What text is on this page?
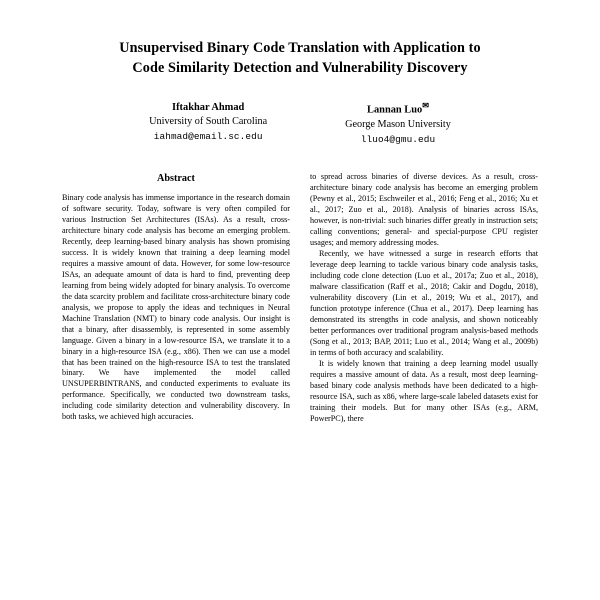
Unsupervised Binary Code Translation with Application to
Code Similarity Detection and Vulnerability Discovery
Iftakhar Ahmad
University of South Carolina
iahmad@email.sc.edu
Lannan Luo✉
George Mason University
lluo4@gmu.edu
Abstract

Binary code analysis has immense importance in the research domain of software security. Today, software is very often compiled for various Instruction Set Architectures (ISAs). As a result, cross-architecture binary code analysis has become an emerging problem. Recently, deep learning-based binary analysis has shown promising success. It is widely known that training a deep learning model requires a massive amount of data. However, for some low-resource ISAs, an adequate amount of data is hard to find, preventing deep learning from being widely adopted for binary analysis. To overcome the data scarcity problem and facilitate cross-architecture binary code analysis, we propose to apply the ideas and techniques in Neural Machine Translation (NMT) to binary code analysis. Our insight is that a binary, after disassembly, is represented in some assembly language. Given a binary in a low-resource ISA, we translate it to a binary in a high-resource ISA (e.g., x86). Then we can use a model that has been trained on the high-resource ISA to test the translated binary. We have implemented the model called UNSUPERBINTRANS, and conducted experiments to evaluate its performance. Specifically, we conducted two downstream tasks, including code similarity detection and vulnerability discovery. In both tasks, we achieved high accuracies.

to spread across binaries of diverse devices. As a result, cross-architecture binary code analysis has become an emerging problem (Pewny et al., 2015; Eschweiler et al., 2016; Feng et al., 2016; Xu et al., 2017; Zuo et al., 2018). Analysis of binaries across ISAs, however, is non-trivial: such binaries differ greatly in instruction sets; calling conventions; general- and special-purpose CPU register usages; and memory addressing modes.

Recently, we have witnessed a surge in research efforts that leverage deep learning to tackle various binary code analysis tasks, including code clone detection (Luo et al., 2017a; Zuo et al., 2018), malware classification (Raff et al., 2018; Cakir and Dogdu, 2018), vulnerability discovery (Lin et al., 2019; Wu et al., 2017), and function prototype inference (Chua et al., 2017). Deep learning has demonstrated its strengths in code analysis, and shown noticeably better performances over traditional program analysis-based methods (Song et al., 2013; BAP, 2011; Luo et al., 2014; Wang et al., 2009b) in terms of both accuracy and scalability.

It is widely known that training a deep learning model usually requires a massive amount of data. As a result, most deep learning-based binary code analysis methods have been dedicated to a high-resource ISA, such as x86, where large-scale labeled datasets exist for training their models. But for many other ISAs (e.g., ARM, PowerPC), there
